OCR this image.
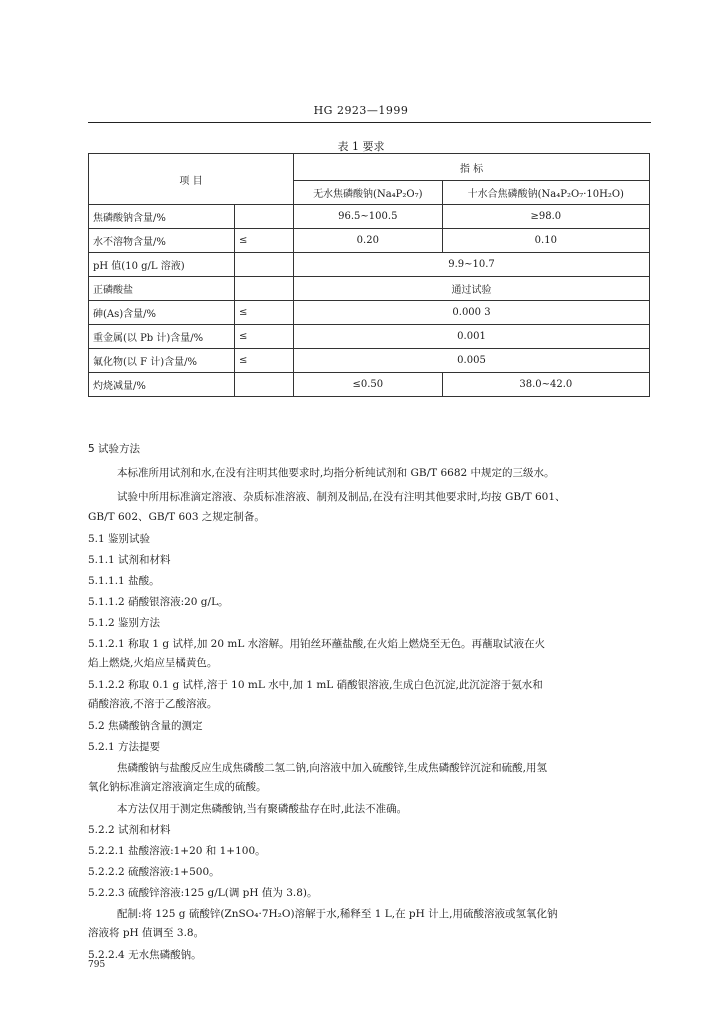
HG 2923—1999
表 1 要求
项 目		指 标	
		无水焦磷酸钠(Na₄P₂O₇)	十水合焦磷酸钠(Na₄P₂O₇·10H₂O)
焦磷酸钠含量/%		96.5~100.5	≥98.0
水不溶物含量/%	≤	0.20	0.10
pH 值(10 g/L 溶液)		9.9~10.7	
正磷酸盐		通过试验	
砷(As)含量/%	≤	0.000 3	
重金属(以 Pb 计)含量/%	≤	0.001	
氟化物(以 F 计)含量/%	≤	0.005	
灼烧减量/%		≤0.50	38.0~42.0
5 试验方法
本标准所用试剂和水,在没有注明其他要求时,均指分析纯试剂和 GB/T 6682 中规定的三级水。
试验中所用标准滴定溶液、杂质标准溶液、制剂及制品,在没有注明其他要求时,均按 GB/T 601、
GB/T 602、GB/T 603 之规定制备。
5.1 鉴别试验
5.1.1 试剂和材料
5.1.1.1 盐酸。
5.1.1.2 硝酸银溶液:20 g/L。
5.1.2 鉴别方法
5.1.2.1 称取 1 g 试样,加 20 mL 水溶解。用铂丝环蘸盐酸,在火焰上燃烧至无色。再蘸取试液在火
焰上燃烧,火焰应呈橘黄色。
5.1.2.2 称取 0.1 g 试样,溶于 10 mL 水中,加 1 mL 硝酸银溶液,生成白色沉淀,此沉淀溶于氨水和
硝酸溶液,不溶于乙酸溶液。
5.2 焦磷酸钠含量的测定
5.2.1 方法提要
焦磷酸钠与盐酸反应生成焦磷酸二氢二钠,向溶液中加入硫酸锌,生成焦磷酸锌沉淀和硫酸,用氢
氧化钠标准滴定溶液滴定生成的硫酸。
本方法仅用于测定焦磷酸钠,当有聚磷酸盐存在时,此法不准确。
5.2.2 试剂和材料
5.2.2.1 盐酸溶液:1+20 和 1+100。
5.2.2.2 硫酸溶液:1+500。
5.2.2.3 硫酸锌溶液:125 g/L(调 pH 值为 3.8)。
配制:将 125 g 硫酸锌(ZnSO₄·7H₂O)溶解于水,稀释至 1 L,在 pH 计上,用硫酸溶液或氢氧化钠
溶液将 pH 值调至 3.8。
5.2.2.4 无水焦磷酸钠。
795
